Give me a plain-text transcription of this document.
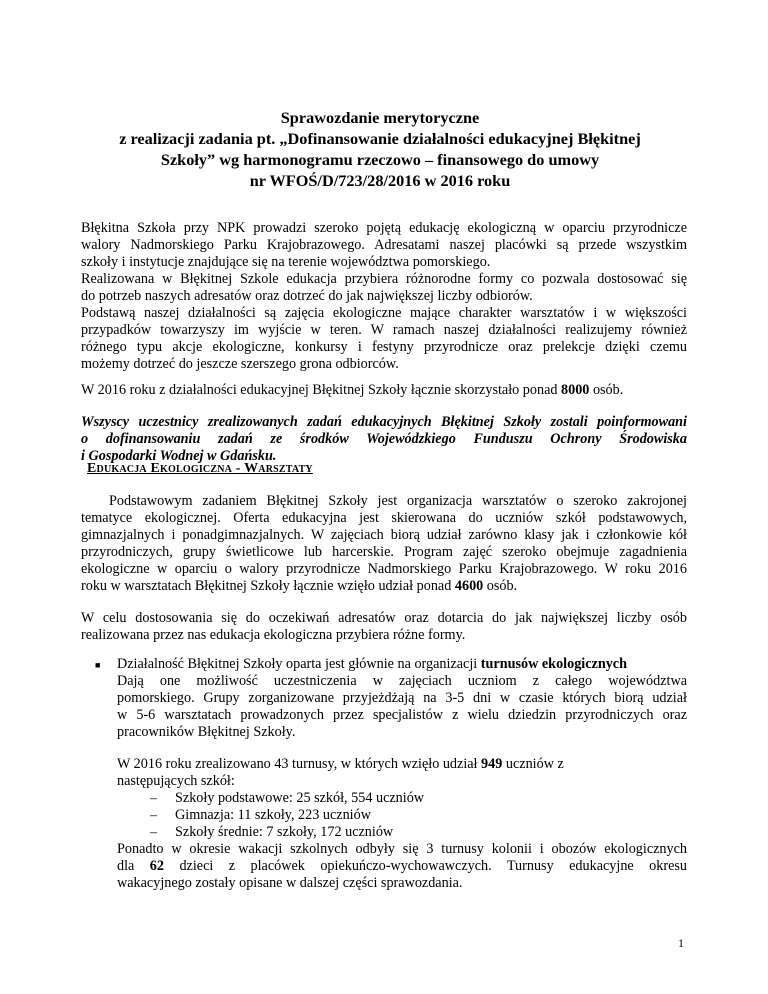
Sprawozdanie merytoryczne
z realizacji zadania pt. „Dofinansowanie działalności edukacyjnej Błękitnej
Szkoły” wg harmonogramu rzeczowo – finansowego do umowy
nr WFOŚ/D/723/28/2016 w 2016 roku
Błękitna Szkoła przy NPK prowadzi szeroko pojętą edukację ekologiczną w oparciu przyrodnicze
walory Nadmorskiego Parku Krajobrazowego. Adresatami naszej placówki są przede wszystkim
szkoły i instytucje znajdujące się na terenie województwa pomorskiego.
Realizowana w Błękitnej Szkole edukacja przybiera różnorodne formy co pozwala dostosować się
do potrzeb naszych adresatów oraz dotrzeć do jak największej liczby odbiorów.
Podstawą naszej działalności są zajęcia ekologiczne mające charakter warsztatów i w większości
przypadków towarzyszy im wyjście w teren. W ramach naszej działalności realizujemy również
różnego typu akcje ekologiczne, konkursy i festyny przyrodnicze oraz prelekcje dzięki czemu
możemy dotrzeć do jeszcze szerszego grona odbiorców.
W 2016 roku z działalności edukacyjnej Błękitnej Szkoły łącznie skorzystało ponad 8000 osób.
Wszyscy uczestnicy zrealizowanych zadań edukacyjnych Błękitnej Szkoły zostali poinformowani
o dofinansowaniu zadań ze środków Wojewódzkiego Funduszu Ochrony Środowiska
i Gospodarki Wodnej w Gdańsku.
Edukacja Ekologiczna - Warsztaty
Podstawowym zadaniem Błękitnej Szkoły jest organizacja warsztatów o szeroko zakrojonej
tematyce ekologicznej. Oferta edukacyjna jest skierowana do uczniów szkół podstawowych,
gimnazjalnych i ponadgimnazjalnych. W zajęciach biorą udział zarówno klasy jak i członkowie kół
przyrodniczych, grupy świetlicowe lub harcerskie. Program zajęć szeroko obejmuje zagadnienia
ekologiczne w oparciu o walory przyrodnicze Nadmorskiego Parku Krajobrazowego. W roku 2016
roku w warsztatach Błękitnej Szkoły łącznie wzięło udział ponad 4600 osób.
W celu dostosowania się do oczekiwań adresatów oraz dotarcia do jak największej liczby osób
realizowana przez nas edukacja ekologiczna przybiera różne formy.
■ Działalność Błękitnej Szkoły oparta jest głównie na organizacji turnusów ekologicznych
Dają one możliwość uczestniczenia w zajęciach uczniom z całego województwa
pomorskiego. Grupy zorganizowane przyjeżdżają na 3-5 dni w czasie których biorą udział
w 5-6 warsztatach prowadzonych przez specjalistów z wielu dziedzin przyrodniczych oraz
pracowników Błękitnej Szkoły.
W 2016 roku zrealizowano 43 turnusy, w których wzięło udział 949 uczniów z
następujących szkół:
– Szkoły podstawowe: 25 szkół, 554 uczniów
– Gimnazja: 11 szkoły, 223 uczniów
– Szkoły średnie: 7 szkoły, 172 uczniów
Ponadto w okresie wakacji szkolnych odbyły się 3 turnusy kolonii i obozów ekologicznych
dla 62 dzieci z placówek opiekuńczo-wychowawczych. Turnusy edukacyjne okresu
wakacyjnego zostały opisane w dalszej części sprawozdania.
1
